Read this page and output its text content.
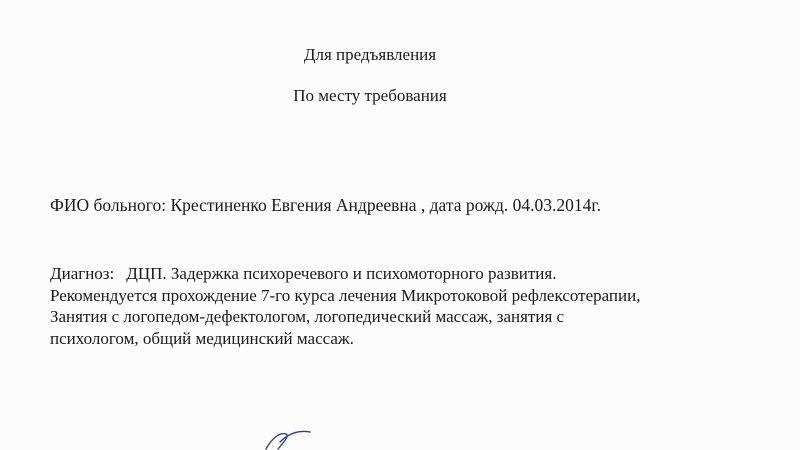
Для предъявления
По месту требования
ФИО больного: Крестиненко Евгения Андреевна , дата рожд. 04.03.2014г.
Диагноз: ДЦП. Задержка психоречевого и психомоторного развития.
Рекомендуется прохождение 7-го курса лечения Микротоковой рефлексотерапии,
Занятия с логопедом-дефектологом, логопедический массаж, занятия с
психологом, общий медицинский массаж.
